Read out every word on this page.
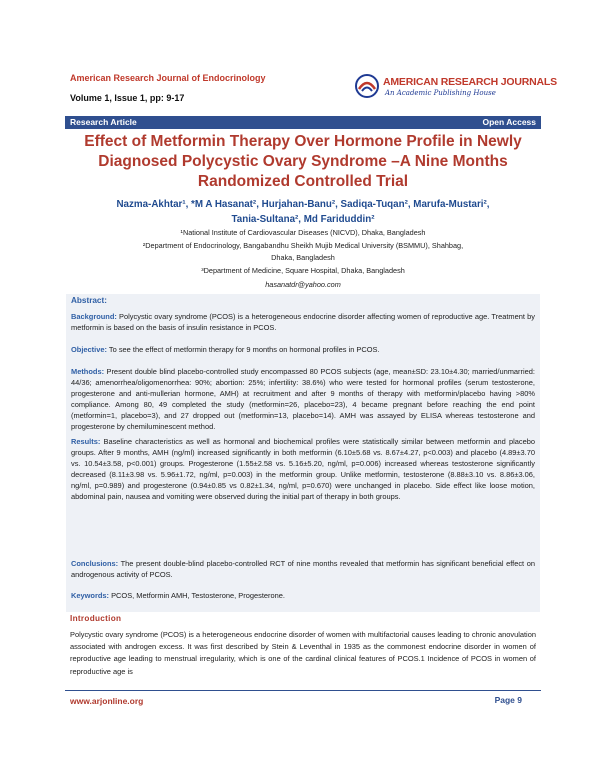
American Research Journal of Endocrinology
Volume 1, Issue 1, pp: 9-17
AMERICAN RESEARCH JOURNALS
An Academic Publishing House
Research Article	Open Access
Effect of Metformin Therapy Over Hormone Profile in Newly Diagnosed Polycystic Ovary Syndrome –A Nine Months Randomized Controlled Trial
Nazma-Akhtar¹, *M A Hasanat², Hurjahan-Banu², Sadiqa-Tuqan², Marufa-Mustari²,
Tania-Sultana², Md Fariduddin²
¹National Institute of Cardiovascular Diseases (NICVD), Dhaka, Bangladesh
²Department of Endocrinology, Bangabandhu Sheikh Mujib Medical University (BSMMU), Shahbag,
Dhaka, Bangladesh
³Department of Medicine, Square Hospital, Dhaka, Bangladesh
hasanatdr@yahoo.com
Abstract:

Background: Polycystic ovary syndrome (PCOS) is a heterogeneous endocrine disorder affecting women of reproductive age. Treatment by metformin is based on the basis of insulin resistance in PCOS.

Objective: To see the effect of metformin therapy for 9 months on hormonal profiles in PCOS.

Methods: Present double blind placebo-controlled study encompassed 80 PCOS subjects (age, mean±SD: 23.10±4.30; married/unmarried: 44/36; amenorrhea/oligomenorrhea: 90%; abortion: 25%; infertility: 38.6%) who were tested for hormonal profiles (serum testosterone, progesterone and anti-mullerian hormone, AMH) at recruitment and after 9 months of therapy with metformin/placebo having >80% compliance. Among 80, 49 completed the study (metformin=26, placebo=23), 4 became pregnant before reaching the end point (metformin=1, placebo=3), and 27 dropped out (metformin=13, placebo=14). AMH was assayed by ELISA whereas testosterone and progesterone by chemiluminescent method.

Results: Baseline characteristics as well as hormonal and biochemical profiles were statistically similar between metformin and placebo groups. After 9 months, AMH (ng/ml) increased significantly in both metformin (6.10±5.68 vs. 8.67±4.27, p<0.003) and placebo (4.89±3.70 vs. 10.54±3.58, p<0.001) groups. Progesterone (1.55±2.58 vs. 5.16±5.20, ng/ml, p=0.006) increased whereas testosterone significantly decreased (8.11±3.98 vs. 5.96±1.72, ng/ml, p=0.003) in the metformin group. Unlike metformin, testosterone (8.88±3.10 vs. 8.86±3.06, ng/ml, p=0.989) and progesterone (0.94±0.85 vs 0.82±1.34, ng/ml, p=0.670) were unchanged in placebo. Side effect like loose motion, abdominal pain, nausea and vomiting were observed during the initial part of therapy in both groups.

Conclusions: The present double-blind placebo-controlled RCT of nine months revealed that metformin has significant beneficial effect on androgenous activity of PCOS.

Keywords: PCOS, Metformin AMH, Testosterone, Progesterone.

Introduction

Polycystic ovary syndrome (PCOS) is a heterogeneous endocrine disorder of women with multifactorial causes leading to chronic anovulation associated with androgen excess. It was first described by Stein & Leventhal in 1935 as the commonest endocrine disorder in women of reproductive age leading to menstrual irregularity, which is one of the cardinal clinical features of PCOS.1 Incidence of PCOS in women of reproductive age is

www.arjonline.org	Page 9
